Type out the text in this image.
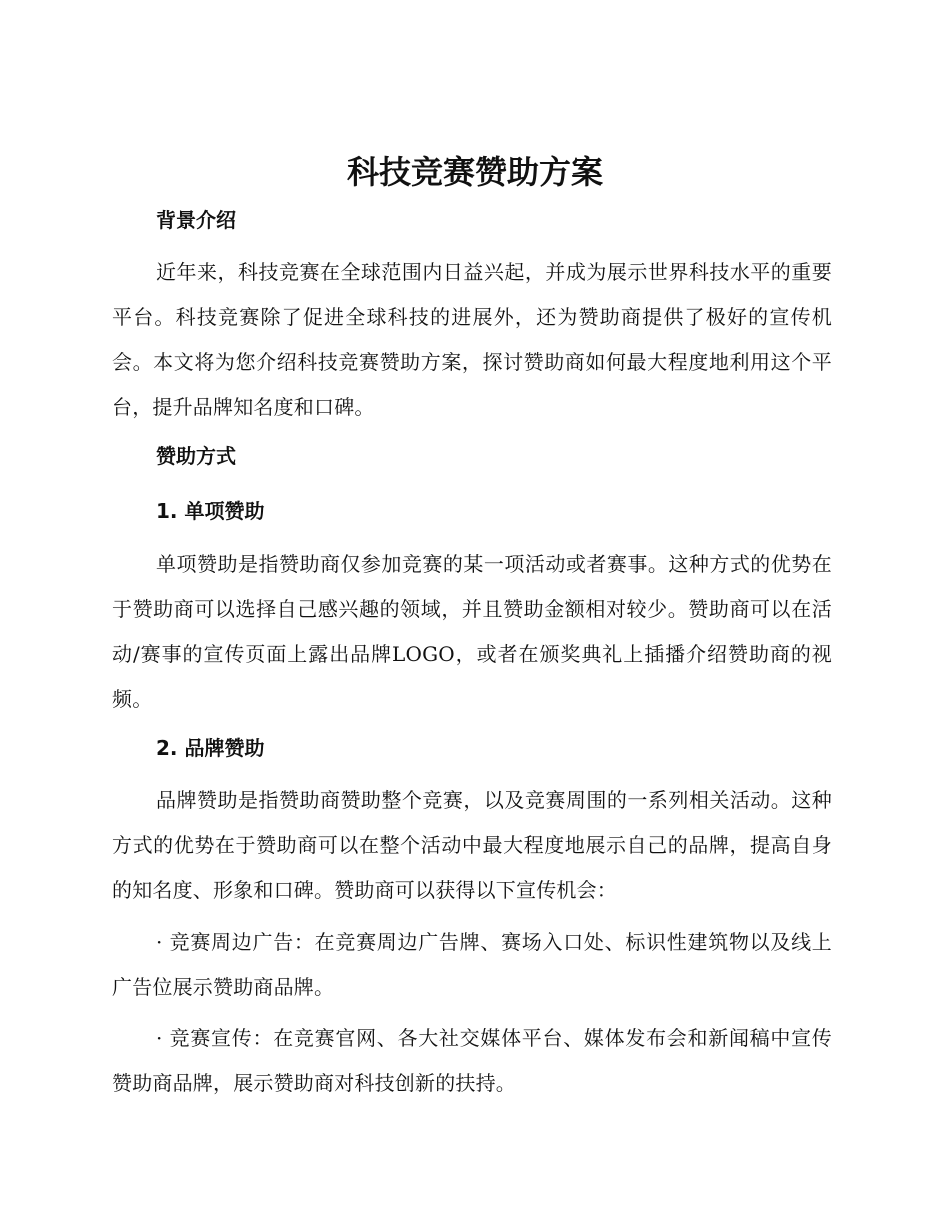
科技竞赛赞助方案
背景介绍

近年来，科技竞赛在全球范围内日益兴起，并成为展示世界科技水平的重要平台。科技竞赛除了促进全球科技的进展外，还为赞助商提供了极好的宣传机会。本文将为您介绍科技竞赛赞助方案，探讨赞助商如何最大程度地利用这个平台，提升品牌知名度和口碑。

赞助方式
1. 单项赞助

单项赞助是指赞助商仅参加竞赛的某一项活动或者赛事。这种方式的优势在于赞助商可以选择自己感兴趣的领域，并且赞助金额相对较少。赞助商可以在活动/赛事的宣传页面上露出品牌LOGO，或者在颁奖典礼上插播介绍赞助商的视频。

2. 品牌赞助

品牌赞助是指赞助商赞助整个竞赛，以及竞赛周围的一系列相关活动。这种方式的优势在于赞助商可以在整个活动中最大程度地展示自己的品牌，提高自身的知名度、形象和口碑。赞助商可以获得以下宣传机会：

· 竞赛周边广告：在竞赛周边广告牌、赛场入口处、标识性建筑物以及线上广告位展示赞助商品牌。

· 竞赛宣传：在竞赛官网、各大社交媒体平台、媒体发布会和新闻稿中宣传赞助商品牌，展示赞助商对科技创新的扶持。
